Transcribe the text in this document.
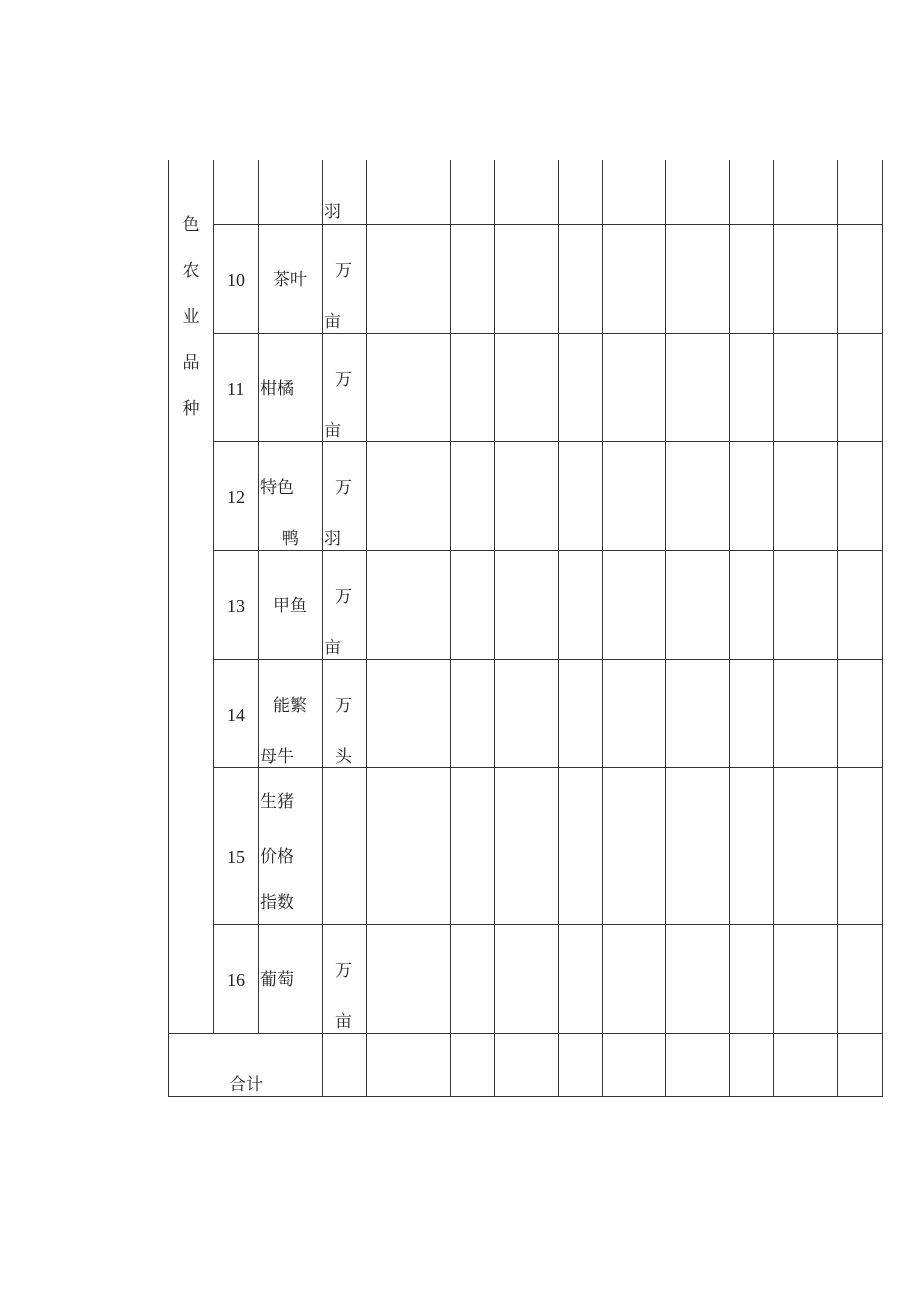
色
农
业
品
种
羽
10 茶叶 万
亩
11 柑橘 万
亩
12 特色
鸭
万
羽
13 甲鱼 万
亩
14 能繁
母牛
万
头
15
生猪
价格
指数
16 葡萄 万
亩
合计
